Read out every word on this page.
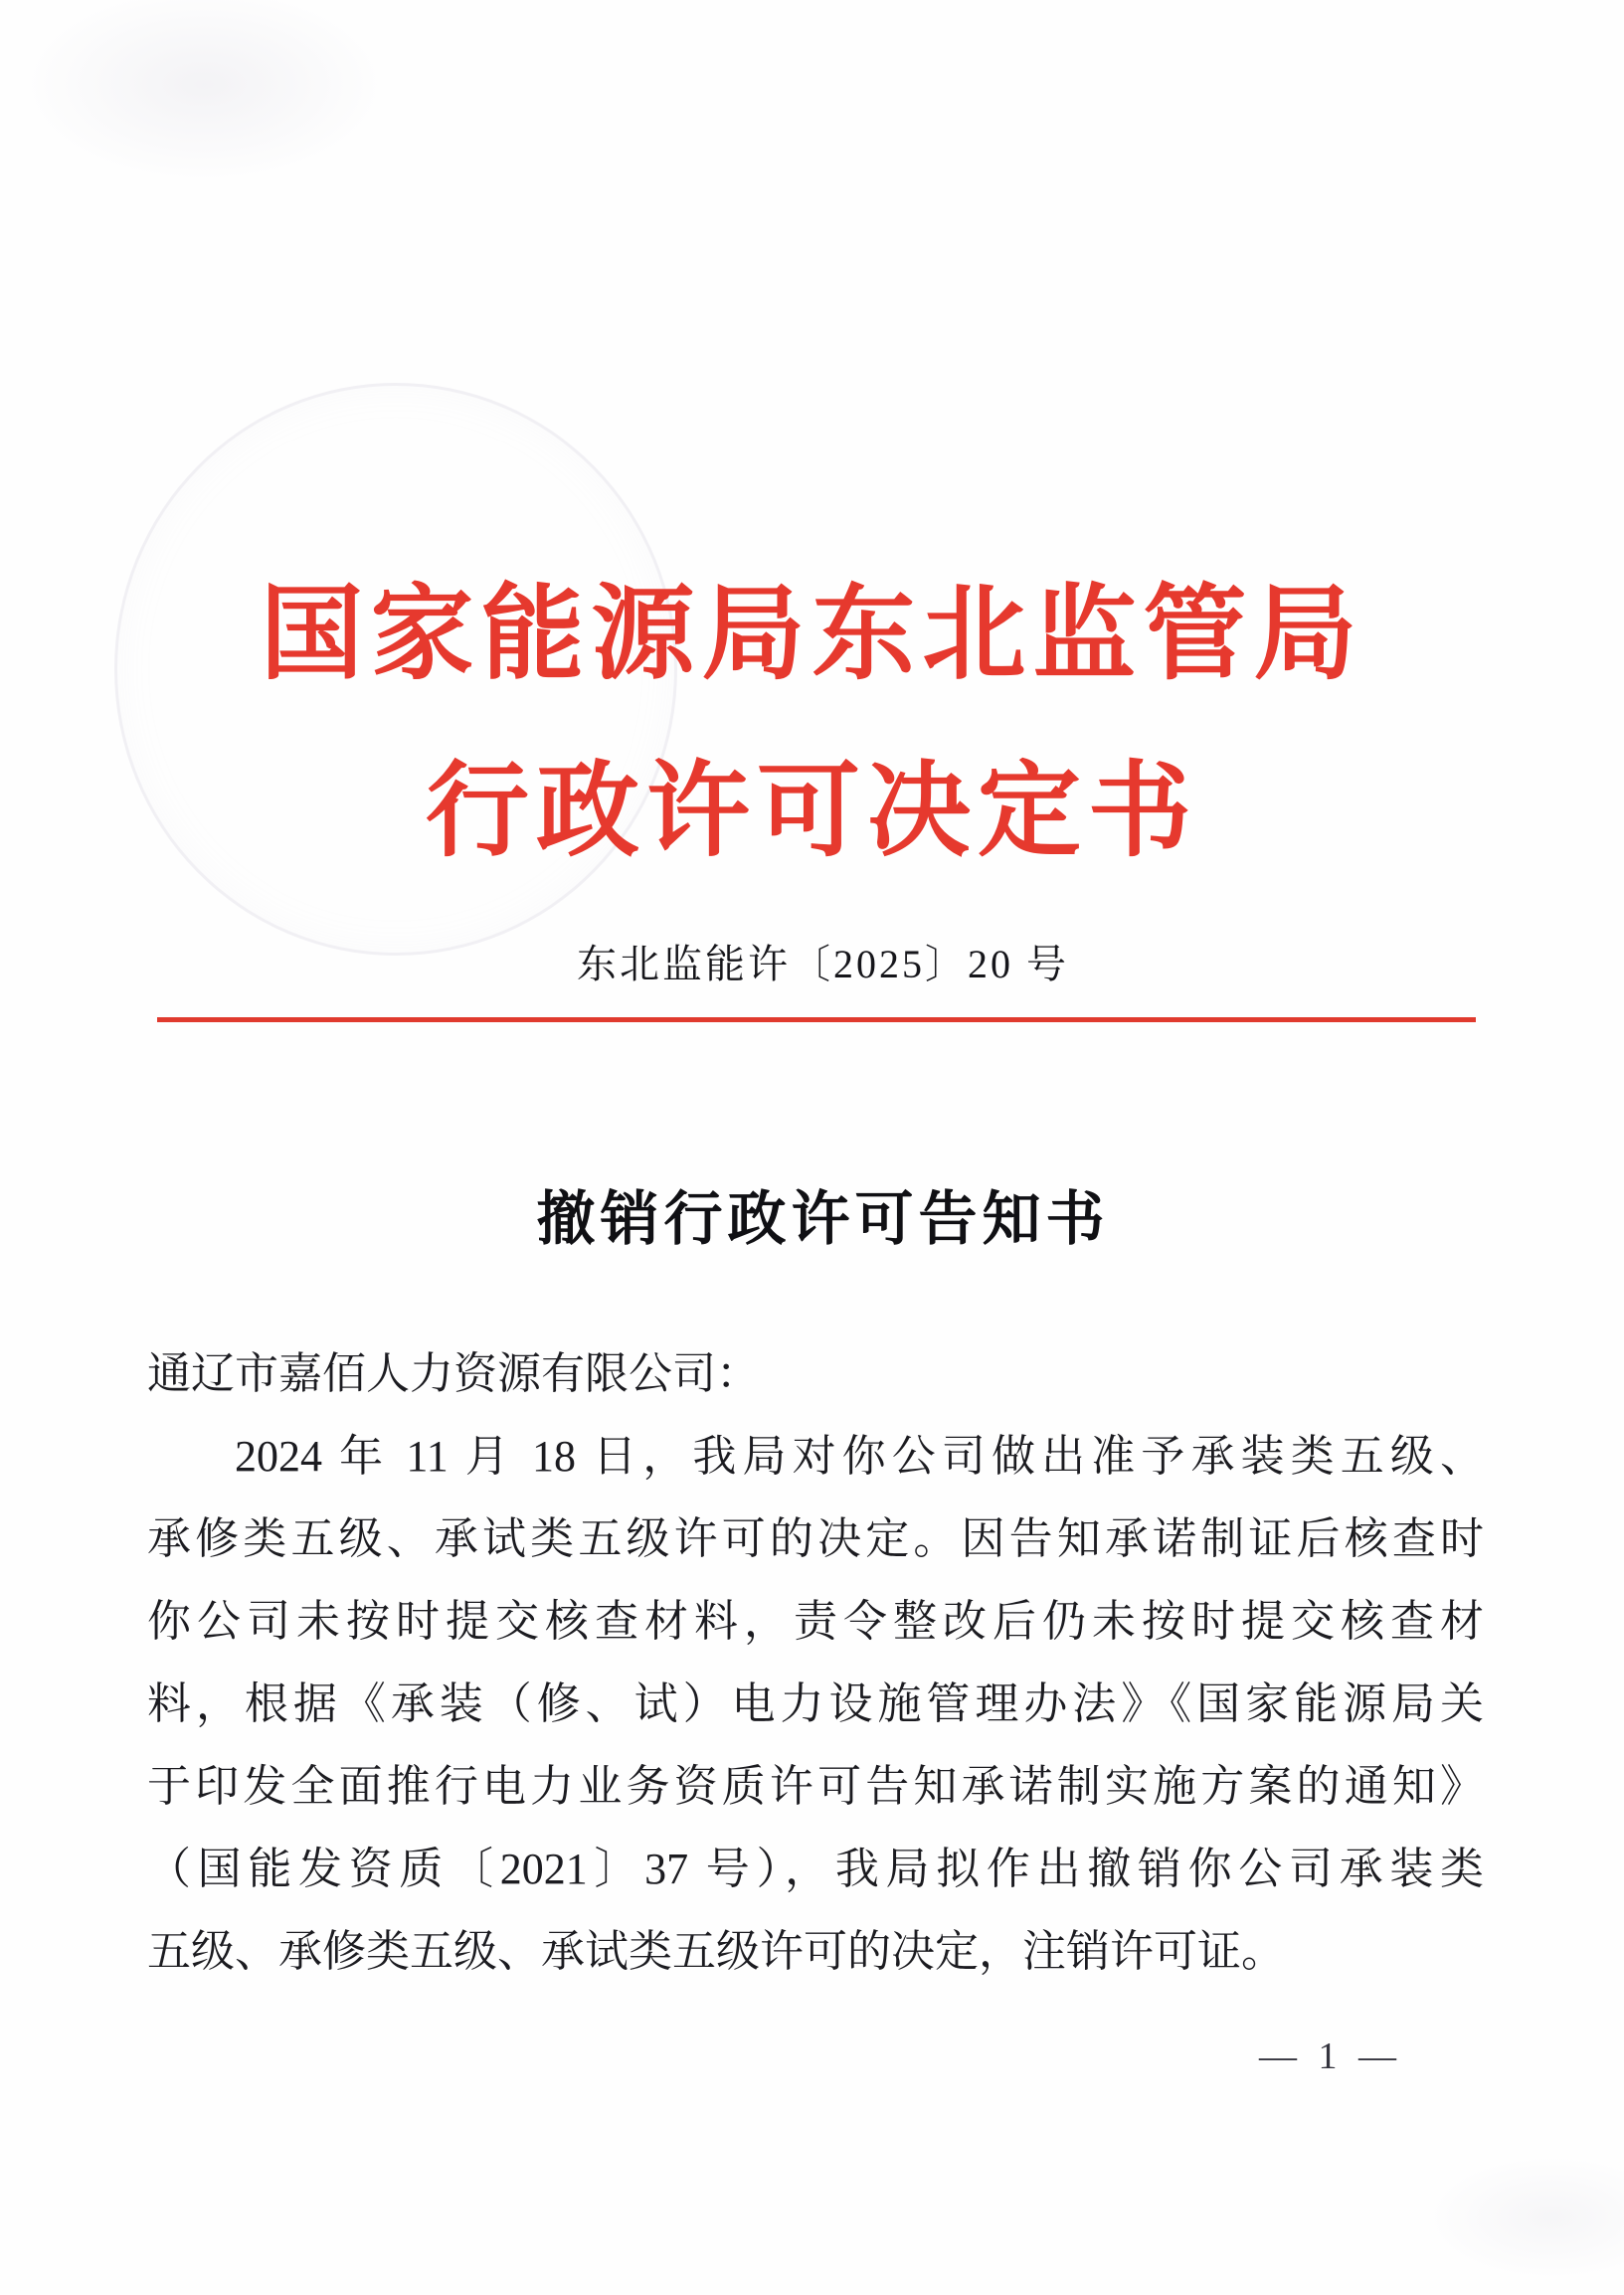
国家能源局东北监管局
行政许可决定书
东北监能许〔2025〕20 号
撤销行政许可告知书
通辽市嘉佰人力资源有限公司：
2024 年 11 月 18 日，我局对你公司做出准予承装类五级、
承修类五级、承试类五级许可的决定。因告知承诺制证后核查时
你公司未按时提交核查材料，责令整改后仍未按时提交核查材
料，根据《承装（修、试）电力设施管理办法》《国家能源局关
于印发全面推行电力业务资质许可告知承诺制实施方案的通知》
（国能发资质〔2021〕37 号），我局拟作出撤销你公司承装类
五级、承修类五级、承试类五级许可的决定，注销许可证。
— 1 —
